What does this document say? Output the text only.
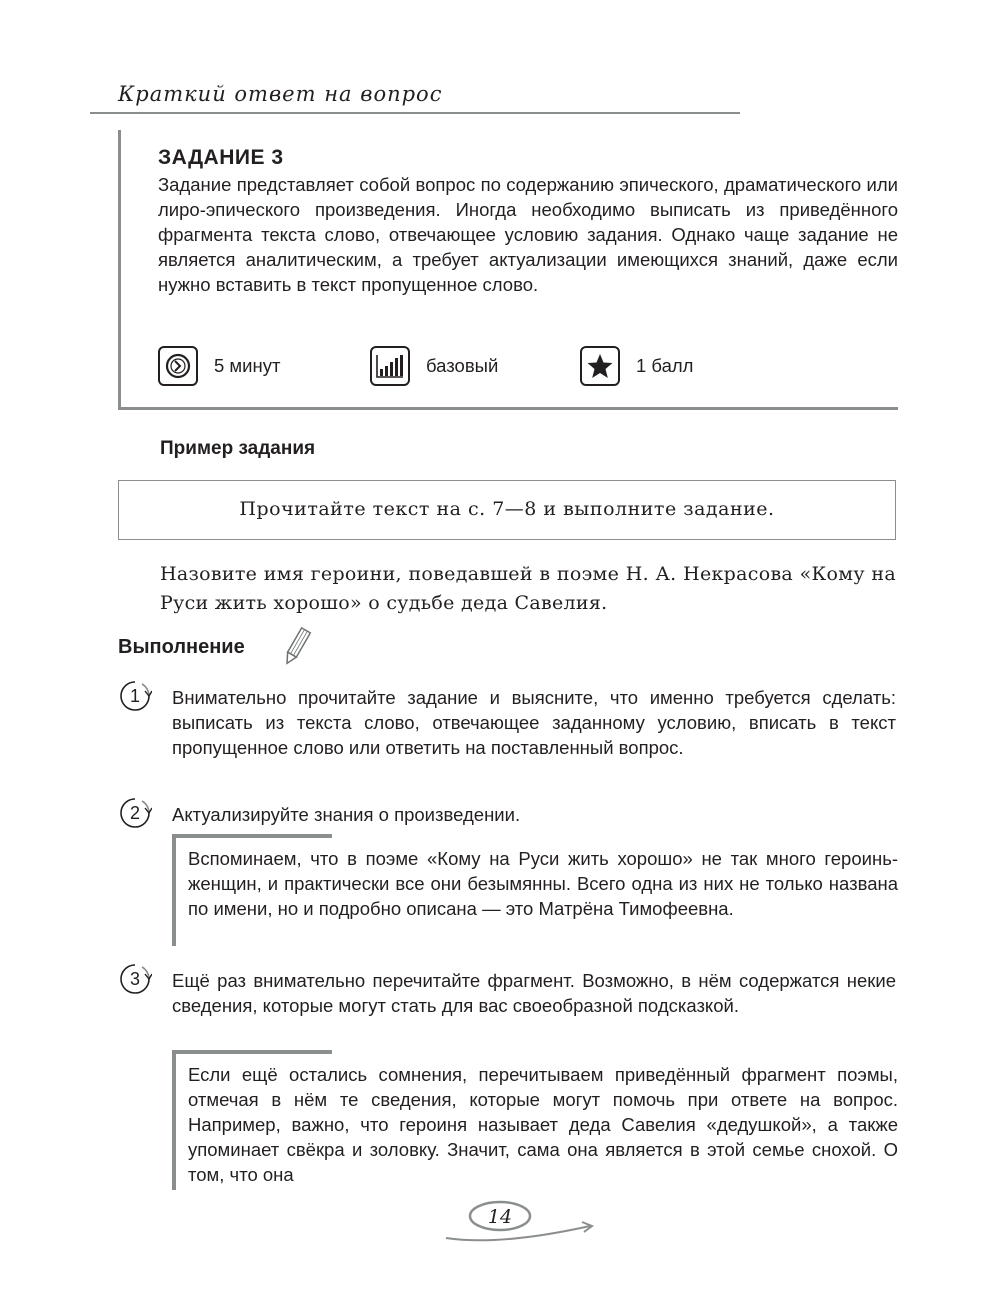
Краткий ответ на вопрос
ЗАДАНИЕ 3
Задание представляет собой вопрос по содержанию эпического, драматического или лиро-эпического произведения. Иногда необходимо выписать из приведённого фрагмента текста слово, отвечающее условию задания. Однако чаще задание не является аналитическим, а требует актуализации имеющихся знаний, даже если нужно вставить в текст пропущенное слово.
5 минут	базовый	1 балл
Пример задания
Прочитайте текст на с. 7—8 и выполните задание.
Назовите имя героини, поведавшей в поэме Н. А. Некрасова «Кому на Руси жить хорошо» о судьбе деда Савелия.
Выполнение
1	Внимательно прочитайте задание и выясните, что именно требуется сделать: выписать из текста слово, отвечающее заданному условию, вписать в текст пропущенное слово или ответить на поставленный вопрос.
2	Актуализируйте знания о произведении.
Вспоминаем, что в поэме «Кому на Руси жить хорошо» не так много героинь-женщин, и практически все они безымянны. Всего одна из них не только названа по имени, но и подробно описана — это Матрёна Тимофеевна.
3	Ещё раз внимательно перечитайте фрагмент. Возможно, в нём содержатся некие сведения, которые могут стать для вас своеобразной подсказкой.
Если ещё остались сомнения, перечитываем приведённый фрагмент поэмы, отмечая в нём те сведения, которые могут помочь при ответе на вопрос. Например, важно, что героиня называет деда Савелия «дедушкой», а также упоминает свёкра и золовку. Значит, сама она является в этой семье снохой. О том, что она
14
